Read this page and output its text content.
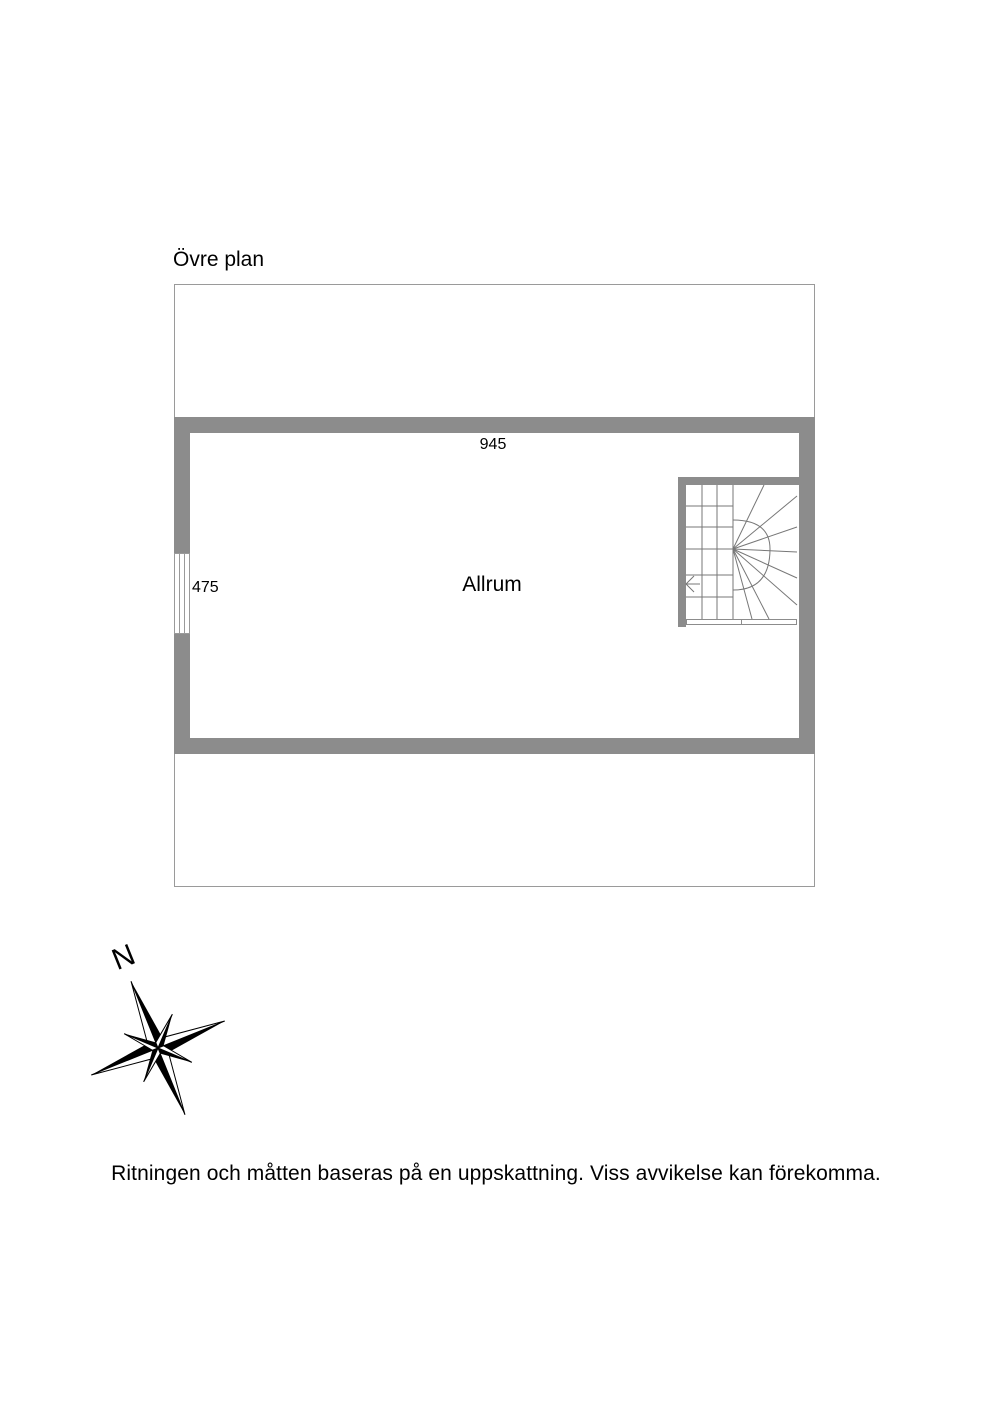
Övre plan
945
475	Allrum
N
Ritningen och måtten baseras på en uppskattning. Viss avvikelse kan förekomma.
